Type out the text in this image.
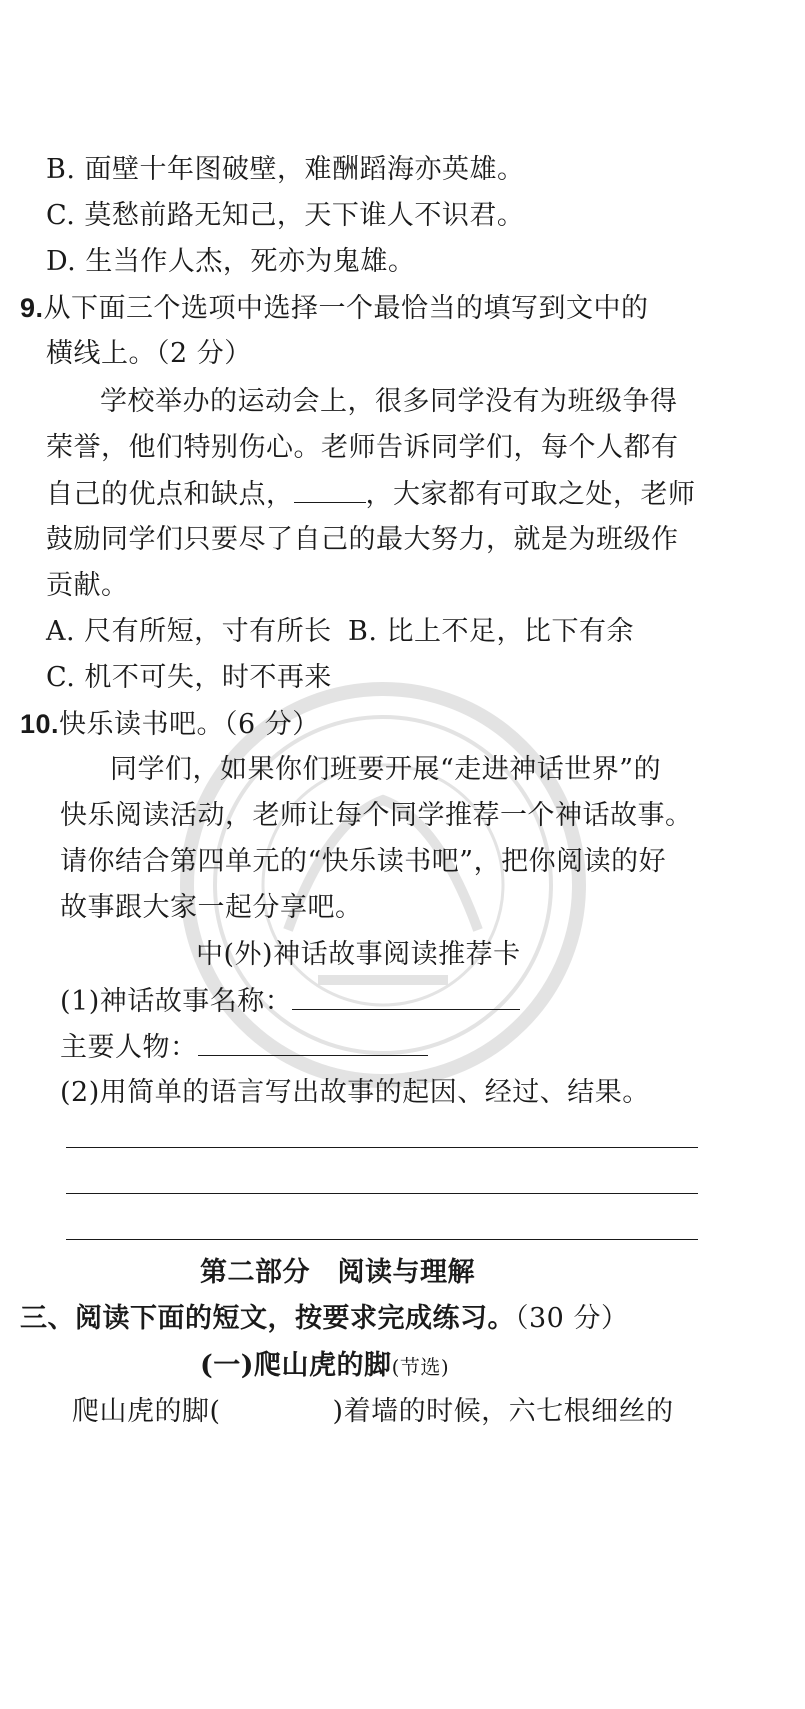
B. 面壁十年图破壁，难酬蹈海亦英雄。
C. 莫愁前路无知己，天下谁人不识君。
D. 生当作人杰，死亦为鬼雄。
9.从下面三个选项中选择一个最恰当的填写到文中的
横线上。（2 分）
学校举办的运动会上，很多同学没有为班级争得
荣誉，他们特别伤心。老师告诉同学们，每个人都有
自己的优点和缺点，	，大家都有可取之处，老师
鼓励同学们只要尽了自己的最大努力，就是为班级作
贡献。
A. 尺有所短，寸有所长 B. 比上不足，比下有余
C. 机不可失，时不再来
10.快乐读书吧。（6 分）
同学们，如果你们班要开展“走进神话世界”的
快乐阅读活动，老师让每个同学推荐一个神话故事。
请你结合第四单元的“快乐读书吧”，把你阅读的好
故事跟大家一起分享吧。
中(外)神话故事阅读推荐卡
(1)神话故事名称：
主要人物：
(2)用简单的语言写出故事的起因、经过、结果。
第二部分　阅读与理解
三、阅读下面的短文，按要求完成练习。（30 分）
(一)爬山虎的脚(节选)
爬山虎的脚(	)着墙的时候，六七根细丝的
